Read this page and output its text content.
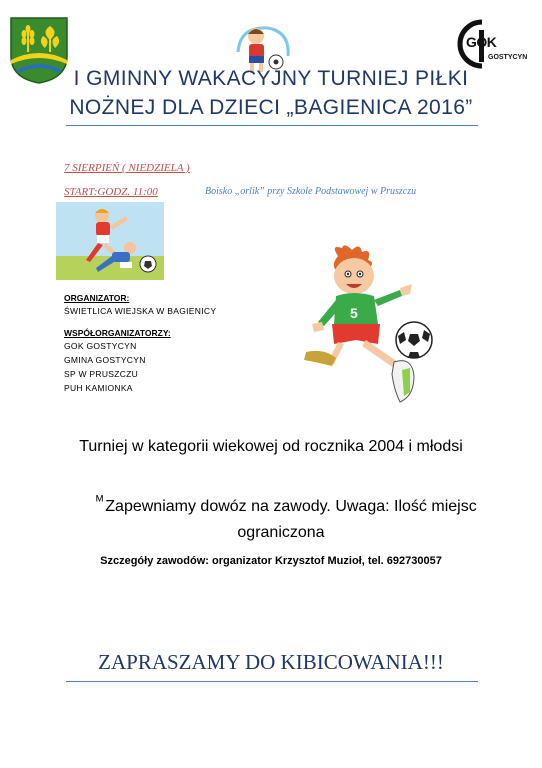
GOK
GOSTYCYN
I GMINNY WAKACYJNY TURNIEJ PIŁKI
NOŻNEJ DLA DZIECI „BAGIENICA 2016”
7 SIERPIEŃ ( NIEDZIELA )
START:GODZ. 11:00	Boisko „orlik” przy Szkole Podstawowej w Pruszczu
ORGANIZATOR:
ŚWIETLICA WIEJSKA W BAGIENICY
WSPÓŁORGANIZATORZY:
GOK GOSTYCYN
GMINA GOSTYCYN
SP W PRUSZCZU
PUH KAMIONKA
5
Turniej w kategorii wiekowej od rocznika 2004 i młodsi
ᴹ Zapewniamy dowóz na zawody. Uwaga: Ilość miejsc
ograniczona
Szczegóły zawodów: organizator Krzysztof Muzioł, tel. 692730057
ZAPRASZAMY DO KIBICOWANIA!!!
